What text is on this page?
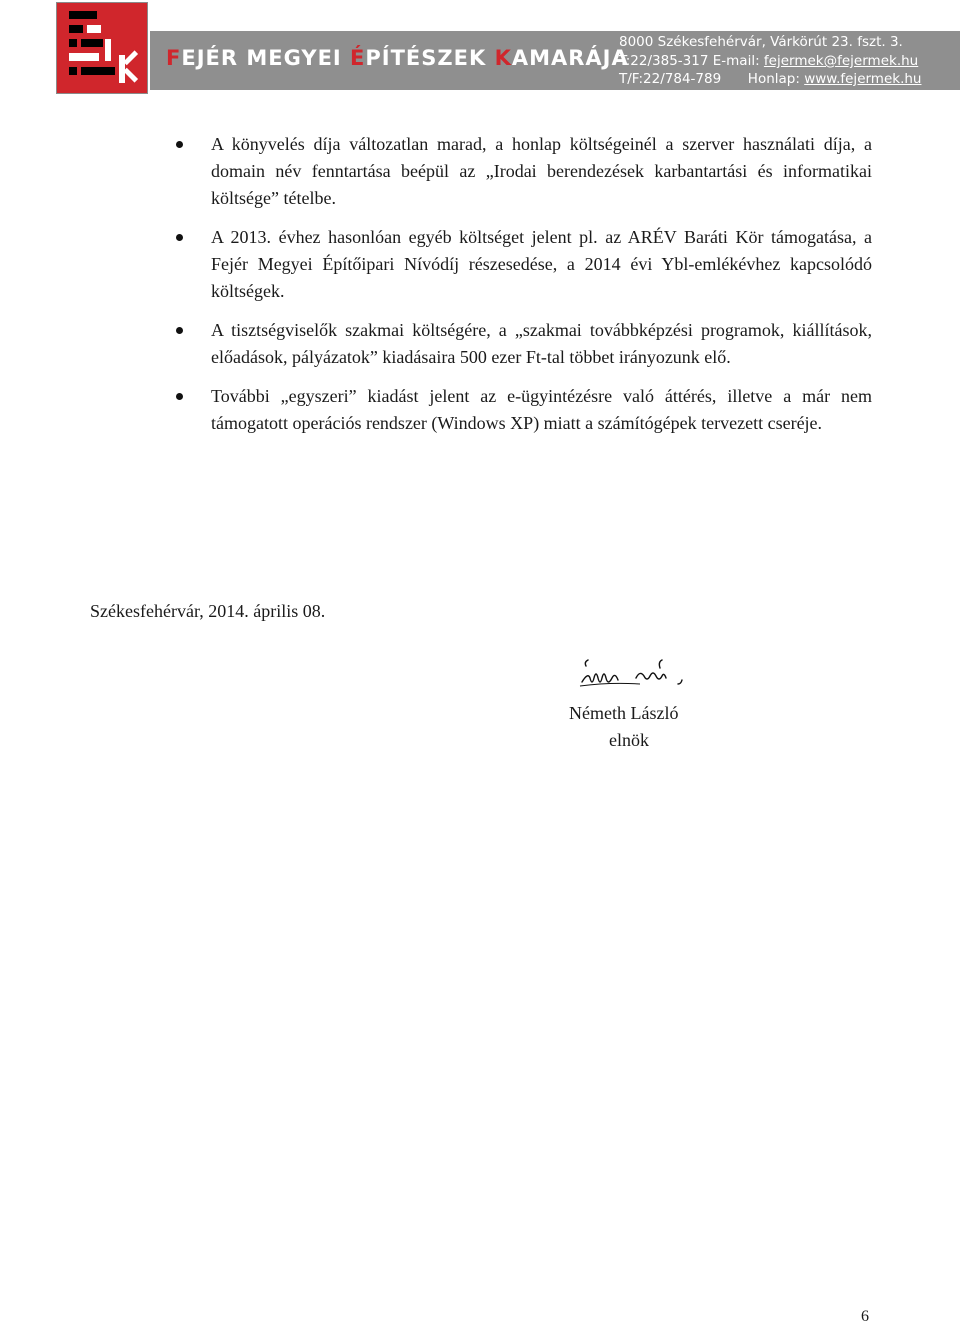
FEJÉR MEGYEI ÉPÍTÉSZEK KAMARÁJA
8000 Székesfehérvár, Várkörút 23. fszt. 3.
T:22/385-317 E-mail: fejermek@fejermek.hu
T/F:22/784-789 Honlap: www.fejermek.hu
A könyvelés díja változatlan marad, a honlap költségeinél a szerver használati díja, a domain név fenntartása beépül az „Irodai berendezések karbantartási és informatikai költsége” tételbe.
A 2013. évhez hasonlóan egyéb költséget jelent pl. az ARÉV Baráti Kör támogatása, a Fejér Megyei Építőipari Nívódíj részesedése, a 2014 évi Ybl-emlékévhez kapcsolódó költségek.
A tisztségviselők szakmai költségére, a „szakmai továbbképzési programok, kiállítások, előadások, pályázatok” kiadásaira 500 ezer Ft-tal többet irányozunk elő.
További „egyszeri” kiadást jelent az e-ügyintézésre való áttérés, illetve a már nem támogatott operációs rendszer (Windows XP) miatt a számítógépek tervezett cseréje.
Székesfehérvár, 2014. április 08.
Németh László
elnök
6
